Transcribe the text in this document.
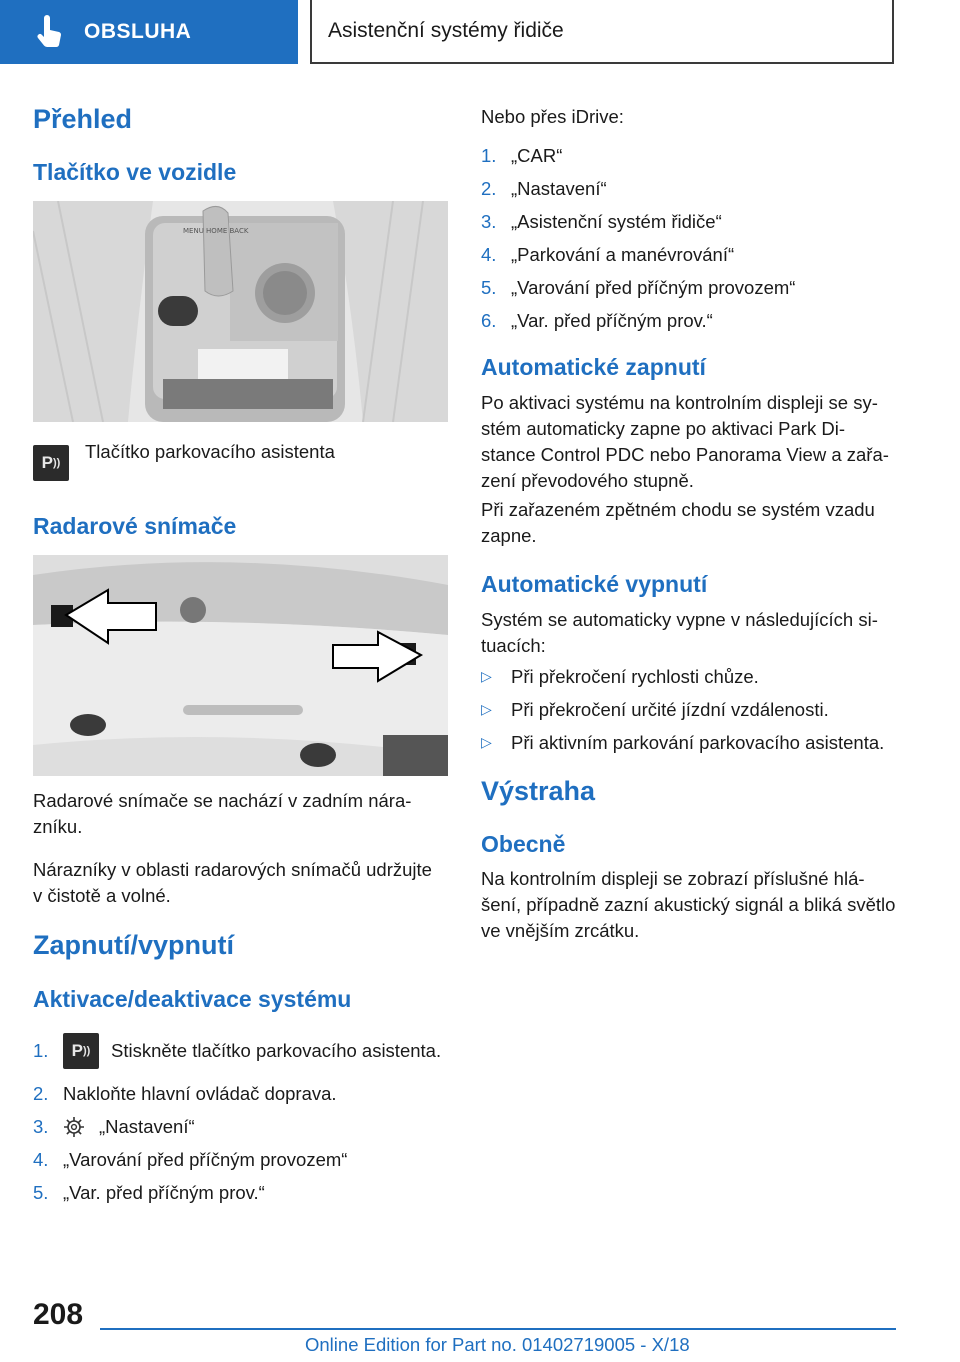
OBSLUHA	Asistenční systémy řidiče
Přehled
Tlačítko ve vozidle
MENU HOME BACK
P ))
Tlačítko parkovacího asistenta
Radarové snímače
Radarové snímače se nachází v zadním nára‐
zníku.
Nárazníky v oblasti radarových snímačů udržujte
v čistotě a volné.
Zapnutí/vypnutí
Aktivace/deaktivace systému
1.	P )) Stiskněte tlačítko parkovacího asistenta.
2. Nakloňte hlavní ovládač doprava.
3.	„Nastavení“
4. „Varování před příčným provozem“
5. „Var. před příčným prov.“
Nebo přes iDrive:
1. „CAR“
2. „Nastavení“
3. „Asistenční systém řidiče“
4. „Parkování a manévrování“
5. „Varování před příčným provozem“
6. „Var. před příčným prov.“
Automatické zapnutí
Po aktivaci systému na kontrolním displeji se sy‐
stém automaticky zapne po aktivaci Park Di‐
stance Control PDC nebo Panorama View a zařa‐
zení převodového stupně.
Při zařazeném zpětném chodu se systém vzadu
zapne.
Automatické vypnutí
Systém se automaticky vypne v následujících si‐
tuacích:
▷	Při překročení rychlosti chůze.
▷	Při překročení určité jízdní vzdálenosti.
▷	Při aktivním parkování parkovacího asistenta.
Výstraha
Obecně
Na kontrolním displeji se zobrazí příslušné hlá‐
šení, případně zazní akustický signál a bliká světlo
ve vnějším zrcátku.
208
Online Edition for Part no. 01402719005 - X/18
